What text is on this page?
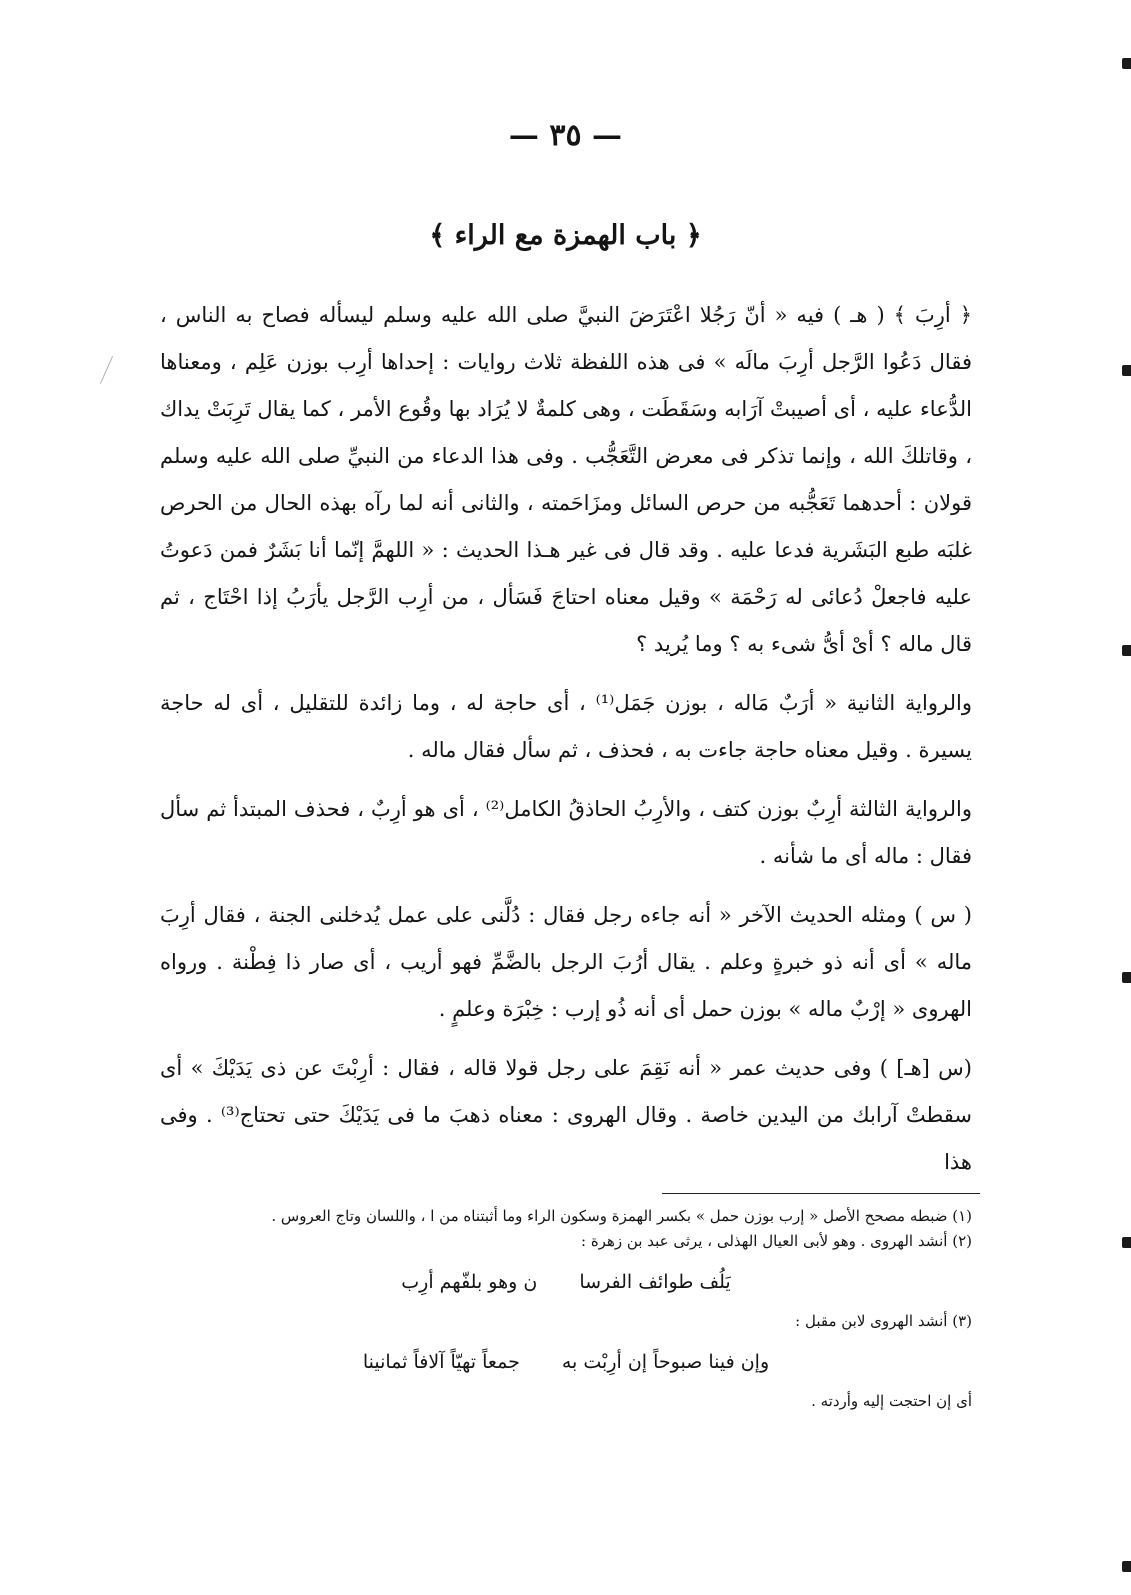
— ٣٥ —
﴿ باب الهمزة مع الراء ﴾

﴿ أرِبَ ﴾ ( هـ ) فيه « أنّ رَجُلا اعْتَرَضَ النبيَّ صلى الله عليه وسلم ليسأله فصاح به الناس ، فقال دَعُوا الرَّجل أرِبَ مالَه » فى هذه اللفظة ثلاث روايات : إحداها أرِب بوزن عَلِم ، ومعناها الدُّعاء عليه ، أى أصيبتْ آرَابه وسَقَطَت ، وهى كلمةٌ لا يُرَاد بها وقُوع الأمر ، كما يقال تَرِبَتْ يداك ، وقاتلكَ الله ، وإنما تذكر فى معرض التَّعَجُّب . وفى هذا الدعاء من النبيِّ صلى الله عليه وسلم قولان : أحدهما تَعَجُّبه من حرص السائل ومزَاحَمته ، والثانى أنه لما رآه بهذه الحال من الحرص غلبَه طبع البَشَرية فدعا عليه . وقد قال فى غير هـذا الحديث : « اللهمَّ إنّما أنا بَشَرٌ فمن دَعوتُ عليه فاجعلْ دُعائى له رَحْمَة » وقيل معناه احتاجَ فَسَأل ، من أرِب الرَّجل يأرَبُ إذا احْتَاج ، ثم قال ماله ؟ أىْ أىُّ شىء به ؟ وما يُريد ؟

والرواية الثانية « أرَبٌ مَاله ، بوزن جَمَل⁽¹⁾ ، أى حاجة له ، وما زائدة للتقليل ، أى له حاجة يسيرة . وقيل معناه حاجة جاءت به ، فحذف ، ثم سأل فقال ماله .

والرواية الثالثة أرِبٌ بوزن كتف ، والأرِبُ الحاذقُ الكامل⁽²⁾ ، أى هو أرِبٌ ، فحذف المبتدأ ثم سأل فقال : ماله أى ما شأنه .

( س ) ومثله الحديث الآخر « أنه جاءه رجل فقال : دُلَّنى على عمل يُدخلنى الجنة ، فقال أرِبَ ماله » أى أنه ذو خبرةٍ وعلم . يقال أرُبَ الرجل بالضَّمِّ فهو أريب ، أى صار ذا فِطْنة . ورواه الهروى « إرْبٌ ماله » بوزن حمل أى أنه ذُو إرب : خِبْرَة وعلمٍ .

(س [هـ] ) وفى حديث عمر « أنه نَقِمَ على رجل قولا قاله ، فقال : أرِبْتَ عن ذى يَدَيْكَ » أى سقطتْ آرابك من اليدين خاصة . وقال الهروى : معناه ذهبَ ما فى يَدَيْكَ حتى تحتاج⁽³⁾ . وفى هذا

(١) ضبطه مصحح الأصل « إرب بوزن حمل » بكسر الهمزة وسكون الراء وما أثبتناه من ا ، واللسان وتاج العروس .

(٢) أنشد الهروى . وهو لأبى العيال الهذلى ، يرثى عبد بن زهرة :

يَلُف طوائف الفرسا ن وهو بلفّهم أرِب

(٣) أنشد الهروى لابن مقبل :

وإن فينا صبوحاً إن أرِبْت به جمعاً تهيّاً آلافاً ثمانينا

أى إن احتجت إليه وأردته .
